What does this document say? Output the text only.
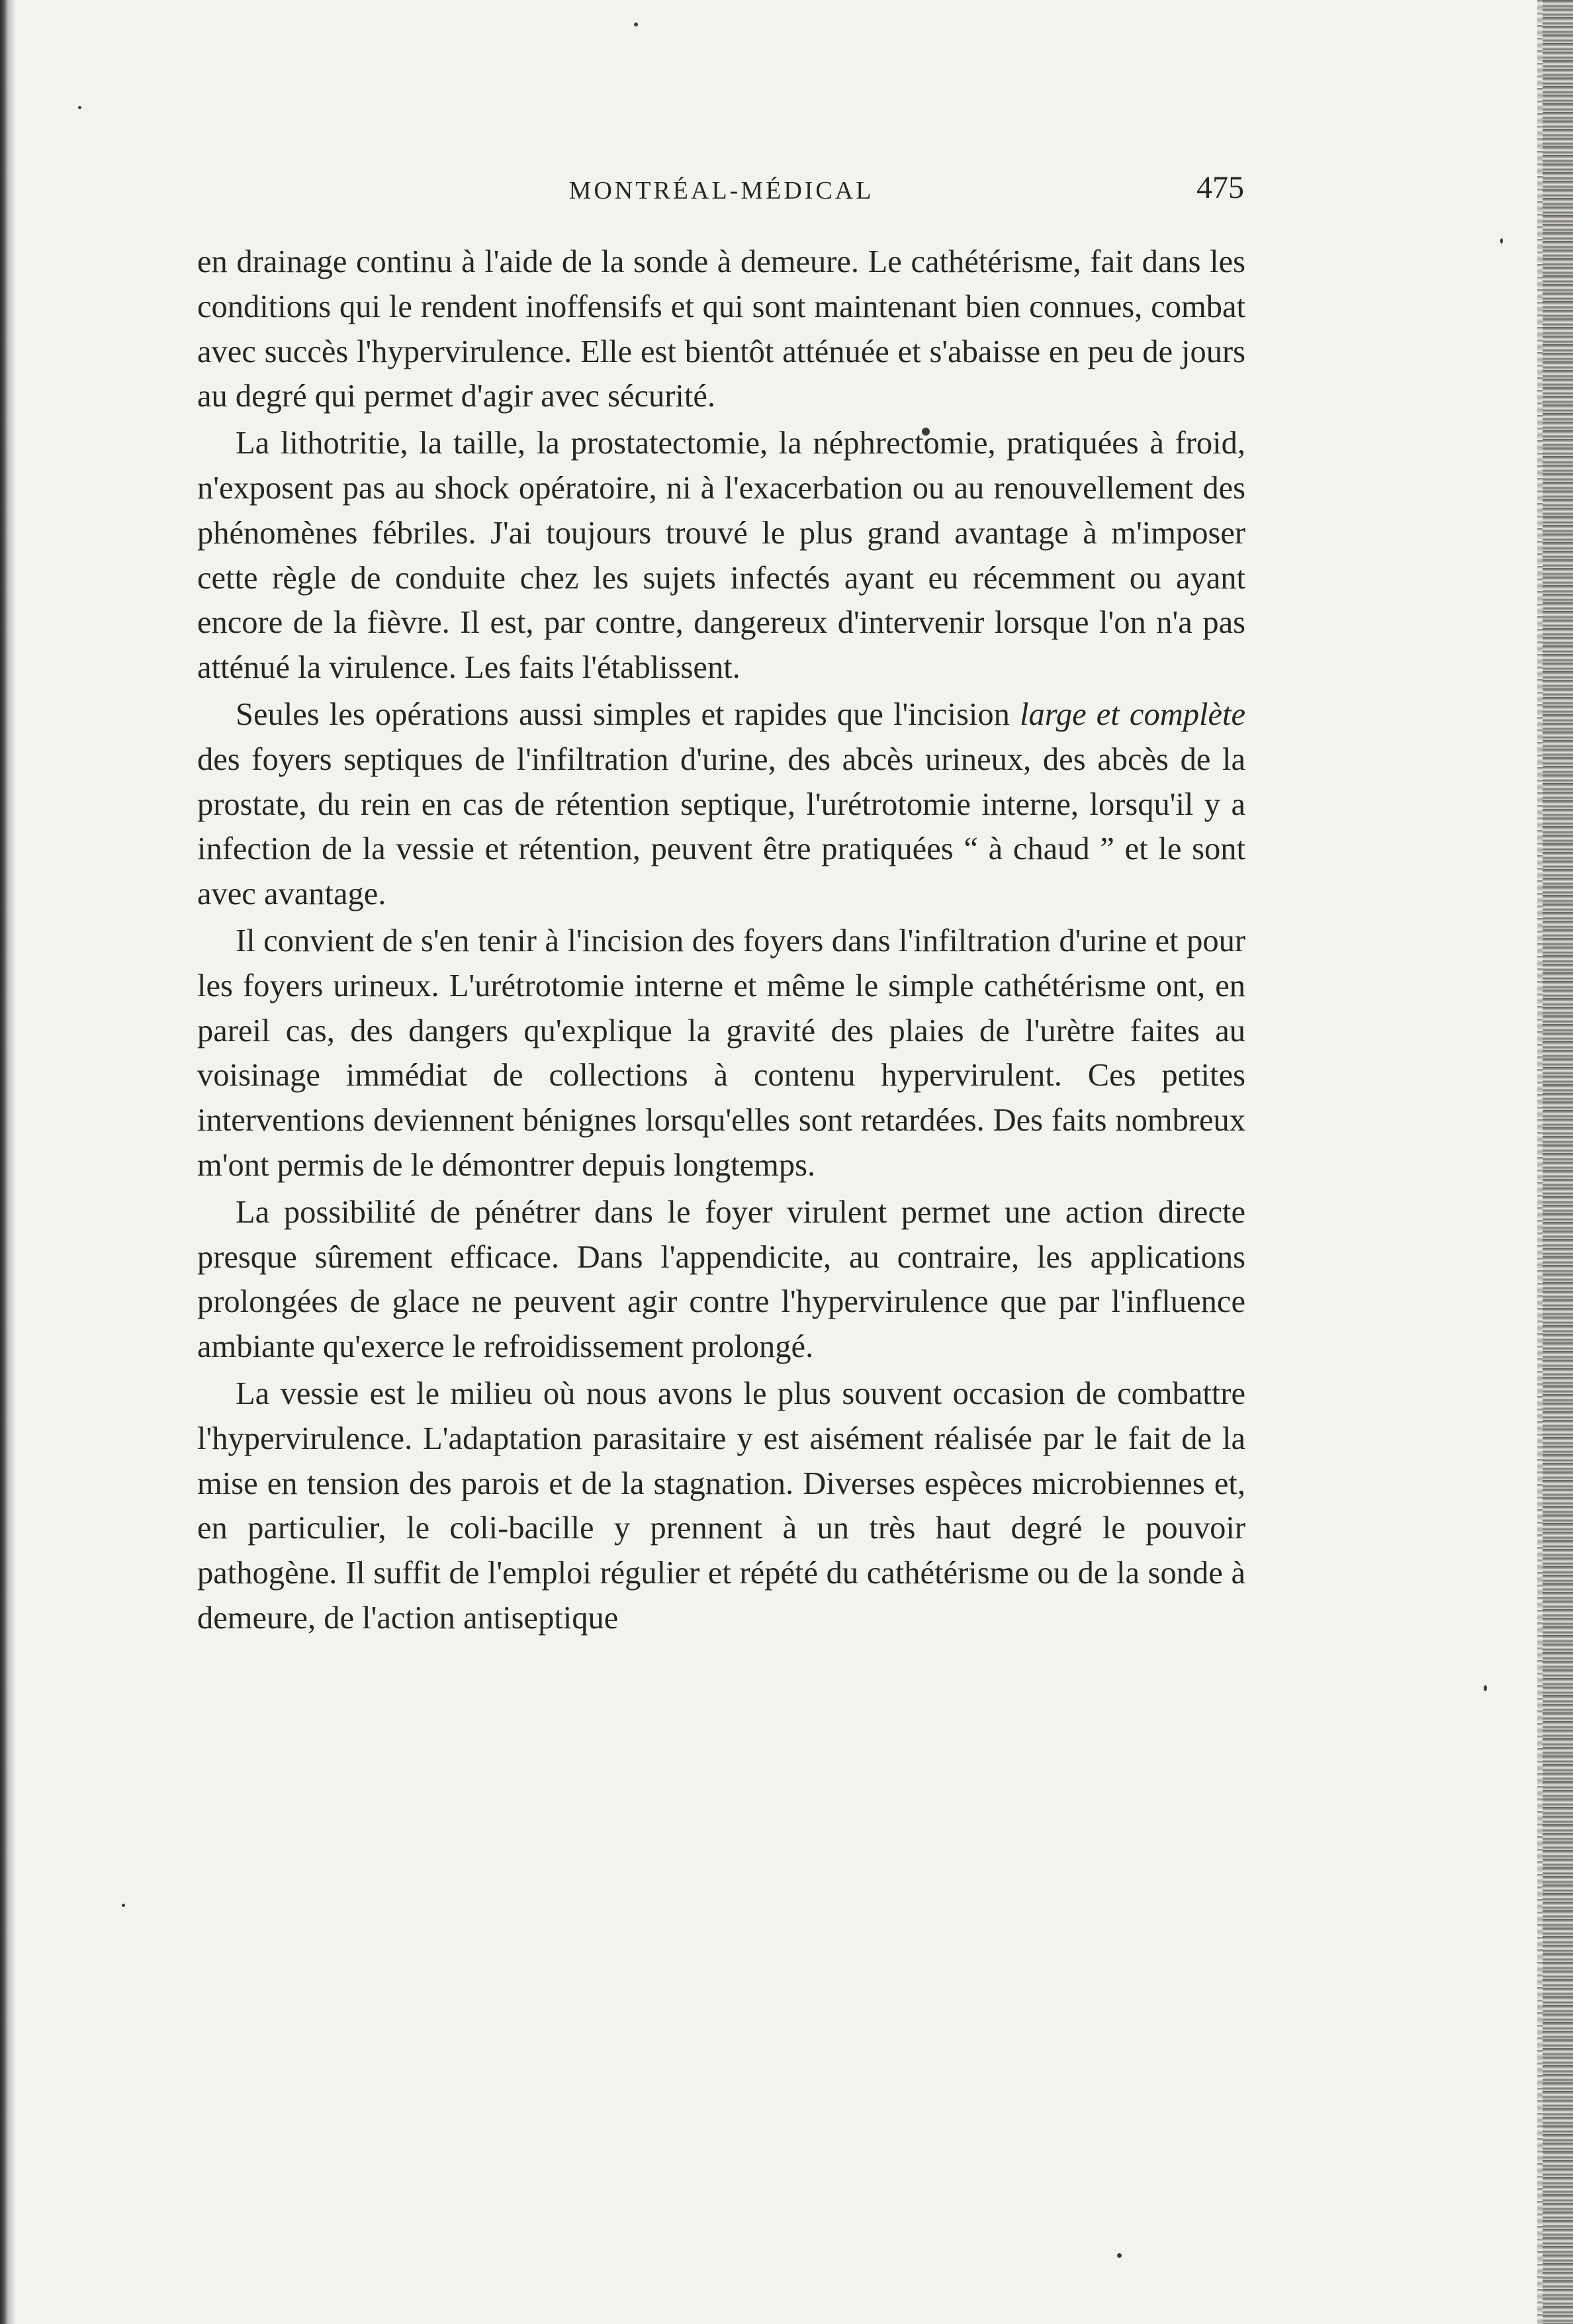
MONTRÉAL-MÉDICAL	475

en drainage continu à l'aide de la sonde à demeure. Le cathétérisme, fait dans les conditions qui le rendent inoffensifs et qui sont maintenant bien connues, combat avec succès l'hypervirulence. Elle est bientôt atténuée et s'abaisse en peu de jours au degré qui permet d'agir avec sécurité.

La lithotritie, la taille, la prostatectomie, la néphrectomie, pratiquées à froid, n'exposent pas au shock opératoire, ni à l'exacerbation ou au renouvellement des phénomènes fébriles. J'ai toujours trouvé le plus grand avantage à m'imposer cette règle de conduite chez les sujets infectés ayant eu récemment ou ayant encore de la fièvre. Il est, par contre, dangereux d'intervenir lorsque l'on n'a pas atténué la virulence. Les faits l'établissent.

Seules les opérations aussi simples et rapides que l'incision large et complète des foyers septiques de l'infiltration d'urine, des abcès urineux, des abcès de la prostate, du rein en cas de rétention septique, l'urétrotomie interne, lorsqu'il y a infection de la vessie et rétention, peuvent être pratiquées “ à chaud ” et le sont avec avantage.

Il convient de s'en tenir à l'incision des foyers dans l'infiltration d'urine et pour les foyers urineux. L'urétrotomie interne et même le simple cathétérisme ont, en pareil cas, des dangers qu'explique la gravité des plaies de l'urètre faites au voisinage immédiat de collections à contenu hypervirulent. Ces petites interventions deviennent bénignes lorsqu'elles sont retardées. Des faits nombreux m'ont permis de le démontrer depuis longtemps.

La possibilité de pénétrer dans le foyer virulent permet une action directe presque sûrement efficace. Dans l'appendicite, au contraire, les applications prolongées de glace ne peuvent agir contre l'hypervirulence que par l'influence ambiante qu'exerce le refroidissement prolongé.

La vessie est le milieu où nous avons le plus souvent occasion de combattre l'hypervirulence. L'adaptation parasitaire y est aisément réalisée par le fait de la mise en tension des parois et de la stagnation. Diverses espèces microbiennes et, en particulier, le coli-bacille y prennent à un très haut degré le pouvoir pathogène. Il suffit de l'emploi régulier et répété du cathétérisme ou de la sonde à demeure, de l'action antiseptique
